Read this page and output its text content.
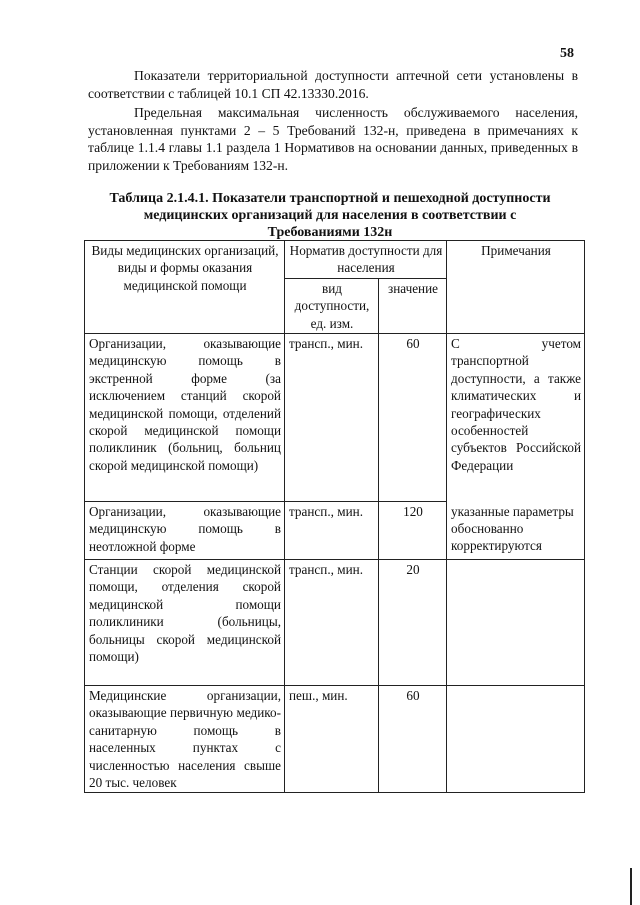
58

Показатели территориальной доступности аптечной сети установлены в соответствии с таблицей 10.1 СП 42.13330.2016.

Предельная максимальная численность обслуживаемого населения, установленная пунктами 2 – 5 Требований 132-н, приведена в примечаниях к таблице 1.1.4 главы 1.1 раздела 1 Нормативов на основании данных, приведенных в приложении к Требованиям 132-н.

Таблица 2.1.4.1. Показатели транспортной и пешеходной доступности медицинских организаций для населения в соответствии с Требованиями 132н
Виды медицинских организаций, виды и формы оказания медицинской помощи	Норматив доступности для населения		Примечания
	вид доступности, ед. изм.	значение	
Организации, оказывающие медицинскую помощь в экстренной форме (за исключением станций скорой медицинской помощи, отделений скорой медицинской помощи поликлиник (больниц, больниц скорой медицинской помощи)	трансп., мин.	60	С учетом транспортной доступности, а также климатических и географических особенностей субъектов Российской Федерации
Организации, оказывающие медицинскую помощь в неотложной форме	трансп., мин.	120	указанные параметры обоснованно корректируются
Станции скорой медицинской помощи, отделения скорой медицинской помощи поликлиники (больницы, больницы скорой медицинской помощи)	трансп., мин.	20	
Медицинские организации, оказывающие первичную медико-санитарную помощь в населенных пунктах с численностью населения свыше 20 тыс. человек	пеш., мин.	60	
